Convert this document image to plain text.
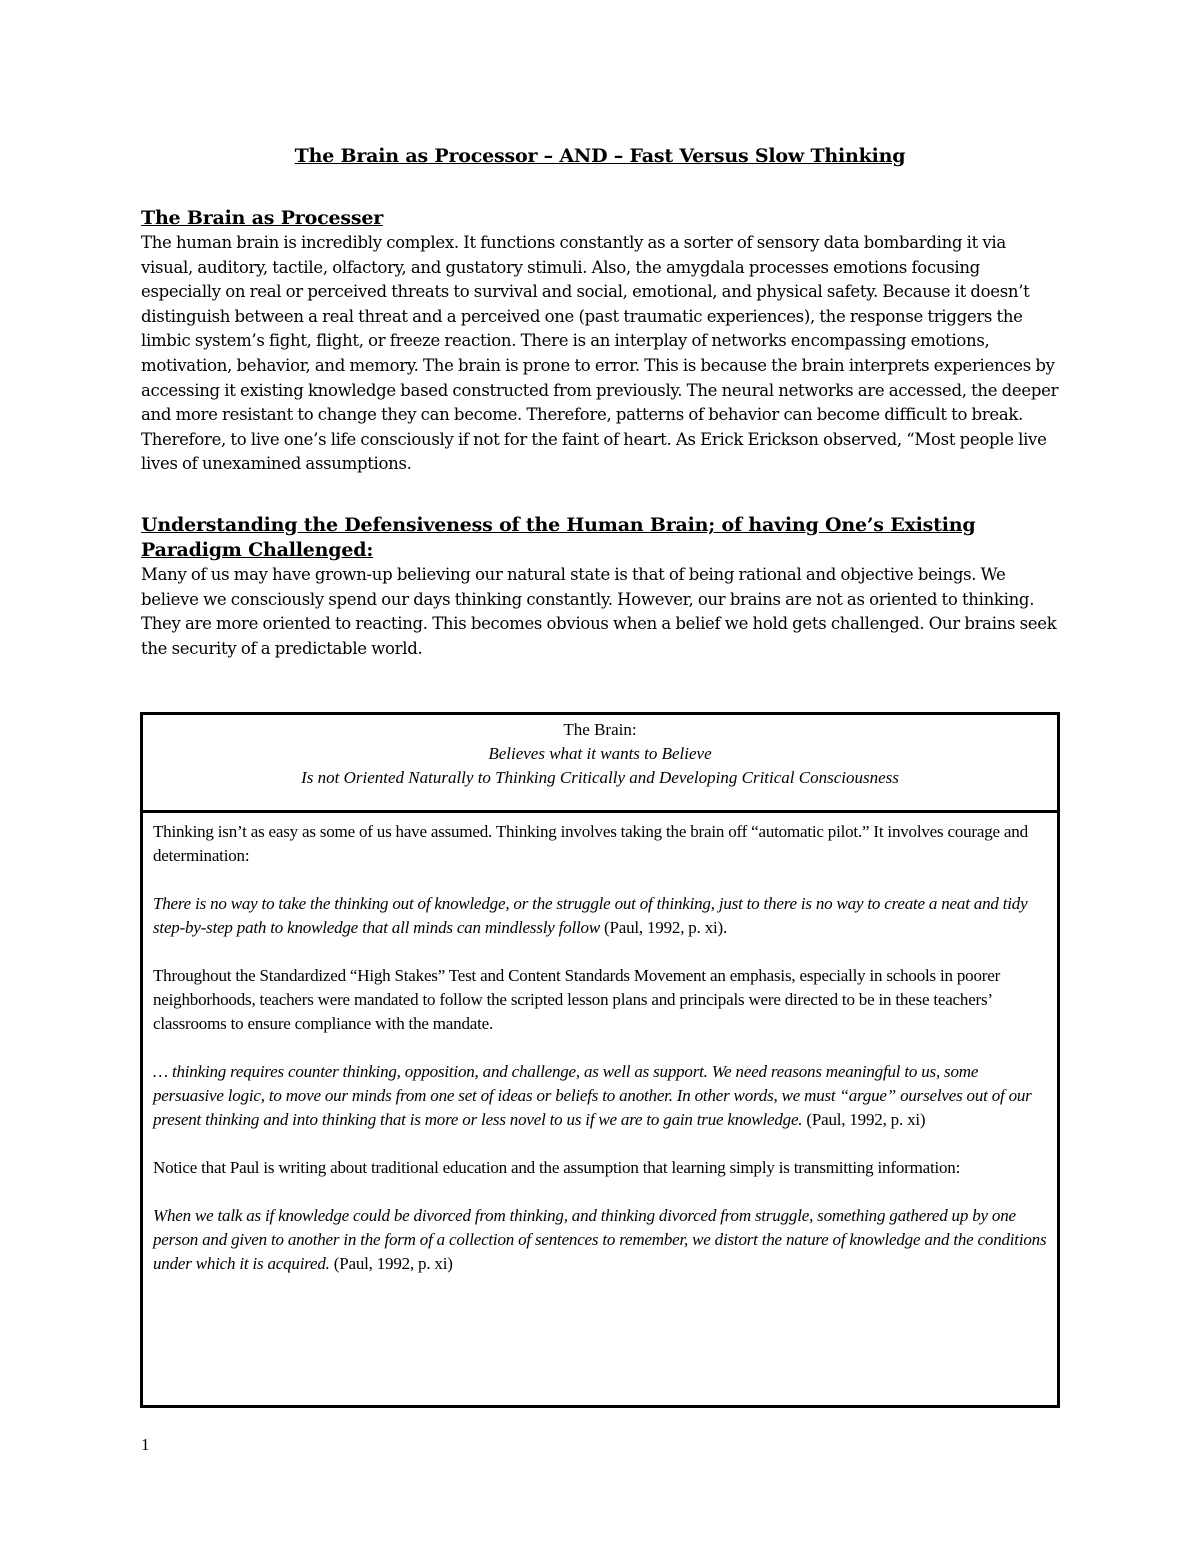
The Brain as Processor – AND – Fast Versus Slow Thinking
The Brain as Processer

The human brain is incredibly complex. It functions constantly as a sorter of sensory data bombarding it via visual, auditory, tactile, olfactory, and gustatory stimuli. Also, the amygdala processes emotions focusing especially on real or perceived threats to survival and social, emotional, and physical safety. Because it doesn’t distinguish between a real threat and a perceived one (past traumatic experiences), the response triggers the limbic system’s fight, flight, or freeze reaction. There is an interplay of networks encompassing emotions, motivation, behavior, and memory. The brain is prone to error. This is because the brain interprets experiences by accessing it existing knowledge based constructed from previously. The neural networks are accessed, the deeper and more resistant to change they can become. Therefore, patterns of behavior can become difficult to break. Therefore, to live one’s life consciously if not for the faint of heart. As Erick Erickson observed, “Most people live lives of unexamined assumptions.

Understanding the Defensiveness of the Human Brain; of having One’s Existing Paradigm Challenged:

Many of us may have grown-up believing our natural state is that of being rational and objective beings. We believe we consciously spend our days thinking constantly. However, our brains are not as oriented to thinking. They are more oriented to reacting. This becomes obvious when a belief we hold gets challenged. Our brains seek the security of a predictable world.

The Brain:
Believes what it wants to Believe
Is not Oriented Naturally to Thinking Critically and Developing Critical Consciousness

Thinking isn’t as easy as some of us have assumed. Thinking involves taking the brain off “automatic pilot.” It involves courage and determination:

There is no way to take the thinking out of knowledge, or the struggle out of thinking, just to there is no way to create a neat and tidy step-by-step path to knowledge that all minds can mindlessly follow (Paul, 1992, p. xi).

Throughout the Standardized “High Stakes” Test and Content Standards Movement an emphasis, especially in schools in poorer neighborhoods, teachers were mandated to follow the scripted lesson plans and principals were directed to be in these teachers’ classrooms to ensure compliance with the mandate.

… thinking requires counter thinking, opposition, and challenge, as well as support. We need reasons meaningful to us, some persuasive logic, to move our minds from one set of ideas or beliefs to another. In other words, we must “argue” ourselves out of our present thinking and into thinking that is more or less novel to us if we are to gain true knowledge. (Paul, 1992, p. xi)

Notice that Paul is writing about traditional education and the assumption that learning simply is transmitting information:

When we talk as if knowledge could be divorced from thinking, and thinking divorced from struggle, something gathered up by one person and given to another in the form of a collection of sentences to remember, we distort the nature of knowledge and the conditions under which it is acquired. (Paul, 1992, p. xi)

1
